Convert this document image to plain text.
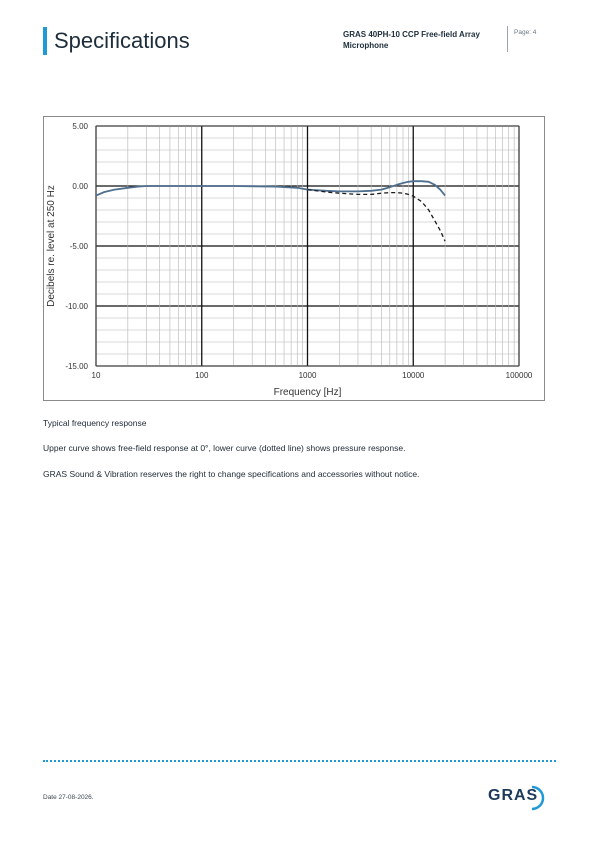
Specifications	GRAS 40PH-10 CCP Free-field Array Microphone
Page: 4
5.00
0.00
-5.00
-10.00
-15.00
10	100	1000	10000	100000
Frequency [Hz]
Decibels re. level at 250 Hz
Typical frequency response
Upper curve shows free-field response at 0°, lower curve (dotted line) shows pressure response.
GRAS Sound & Vibration reserves the right to change specifications and accessories without notice.
Date 27-08-2026.	GRAS
